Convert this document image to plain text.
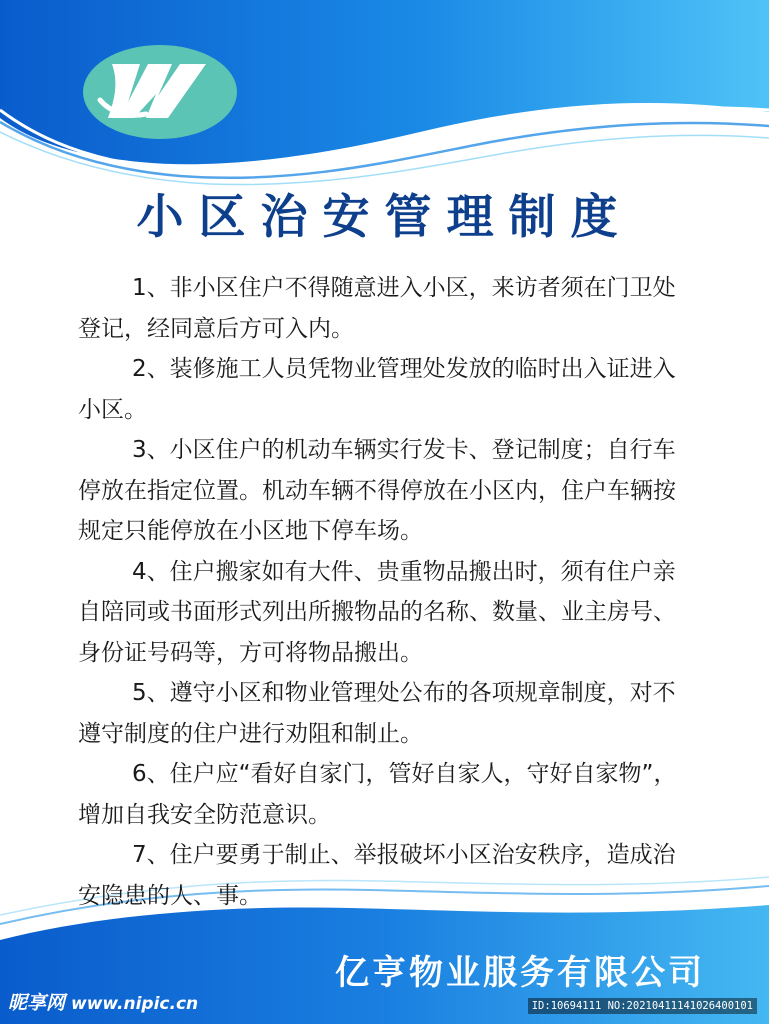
小区治安管理制度
1、非小区住户不得随意进入小区，来访者须在门卫处登记，经同意后方可入内。
2、装修施工人员凭物业管理处发放的临时出入证进入小区。
3、小区住户的机动车辆实行发卡、登记制度；自行车停放在指定位置。机动车辆不得停放在小区内，住户车辆按规定只能停放在小区地下停车场。
4、住户搬家如有大件、贵重物品搬出时，须有住户亲自陪同或书面形式列出所搬物品的名称、数量、业主房号、身份证号码等，方可将物品搬出。
5、遵守小区和物业管理处公布的各项规章制度，对不遵守制度的住户进行劝阻和制止。
6、住户应“看好自家门，管好自家人，守好自家物”，增加自我安全防范意识。
7、住户要勇于制止、举报破坏小区治安秩序，造成治安隐患的人、事。
亿亨物业服务有限公司
昵享网 www.nipic.cn	ID:10694111 NO:20210411141026400101
